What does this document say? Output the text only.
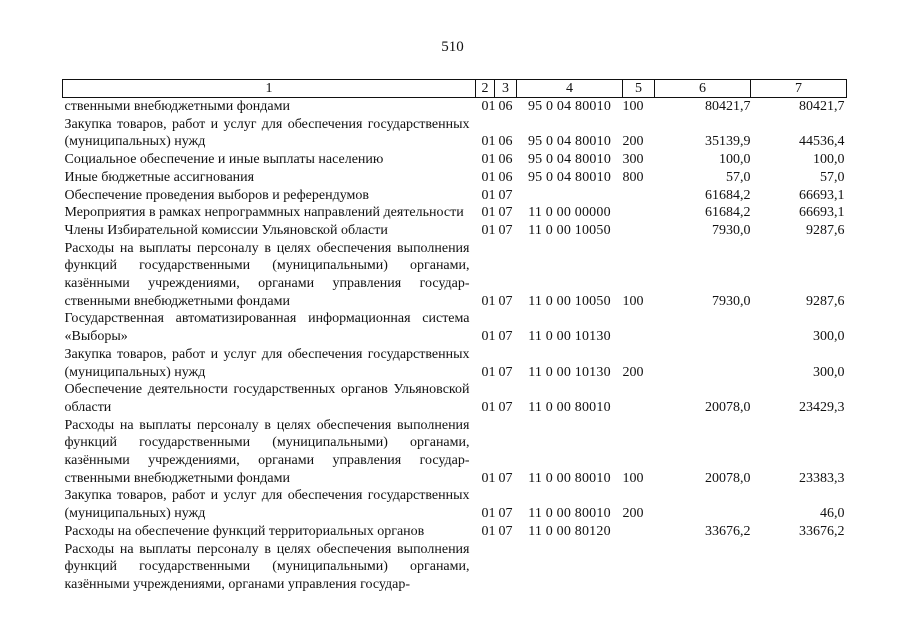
510
1	2	3	4	5	6	7
ственными внебюджетными фондами	01	06	95 0 04 80010	100	80421,7	80421,7
Закупка товаров, работ и услуг для обеспечения государственных (муниципальных) нужд	01	06	95 0 04 80010	200	35139,9	44536,4
Социальное обеспечение и иные выплаты населению	01	06	95 0 04 80010	300	100,0	100,0
Иные бюджетные ассигнования	01	06	95 0 04 80010	800	57,0	57,0
Обеспечение проведения выборов и референдумов	01	07			61684,2	66693,1
Мероприятия в рамках непрограммных направлений деятельности	01	07	11 0 00 00000		61684,2	66693,1
Члены Избирательной комиссии Ульяновской области	01	07	11 0 00 10050		7930,0	9287,6
Расходы на выплаты персоналу в целях обеспечения выполнения функций государственными (муниципальными) органами, казёнными учреждениями, органами управления государственными внебюджетными фондами	01	07	11 0 00 10050	100	7930,0	9287,6
Государственная автоматизированная информационная система «Выборы»	01	07	11 0 00 10130			300,0
Закупка товаров, работ и услуг для обеспечения государственных (муниципальных) нужд	01	07	11 0 00 10130	200		300,0
Обеспечение деятельности государственных органов Ульяновской области	01	07	11 0 00 80010		20078,0	23429,3
Расходы на выплаты персоналу в целях обеспечения выполнения функций государственными (муниципальными) органами, казёнными учреждениями, органами управления государственными внебюджетными фондами	01	07	11 0 00 80010	100	20078,0	23383,3
Закупка товаров, работ и услуг для обеспечения государственных (муниципальных) нужд	01	07	11 0 00 80010	200		46,0
Расходы на обеспечение функций территориальных органов	01	07	11 0 00 80120		33676,2	33676,2
Расходы на выплаты персоналу в целях обеспечения выполнения функций государственными (муниципальными) органами, казёнными учреждениями, органами управления государ-						
